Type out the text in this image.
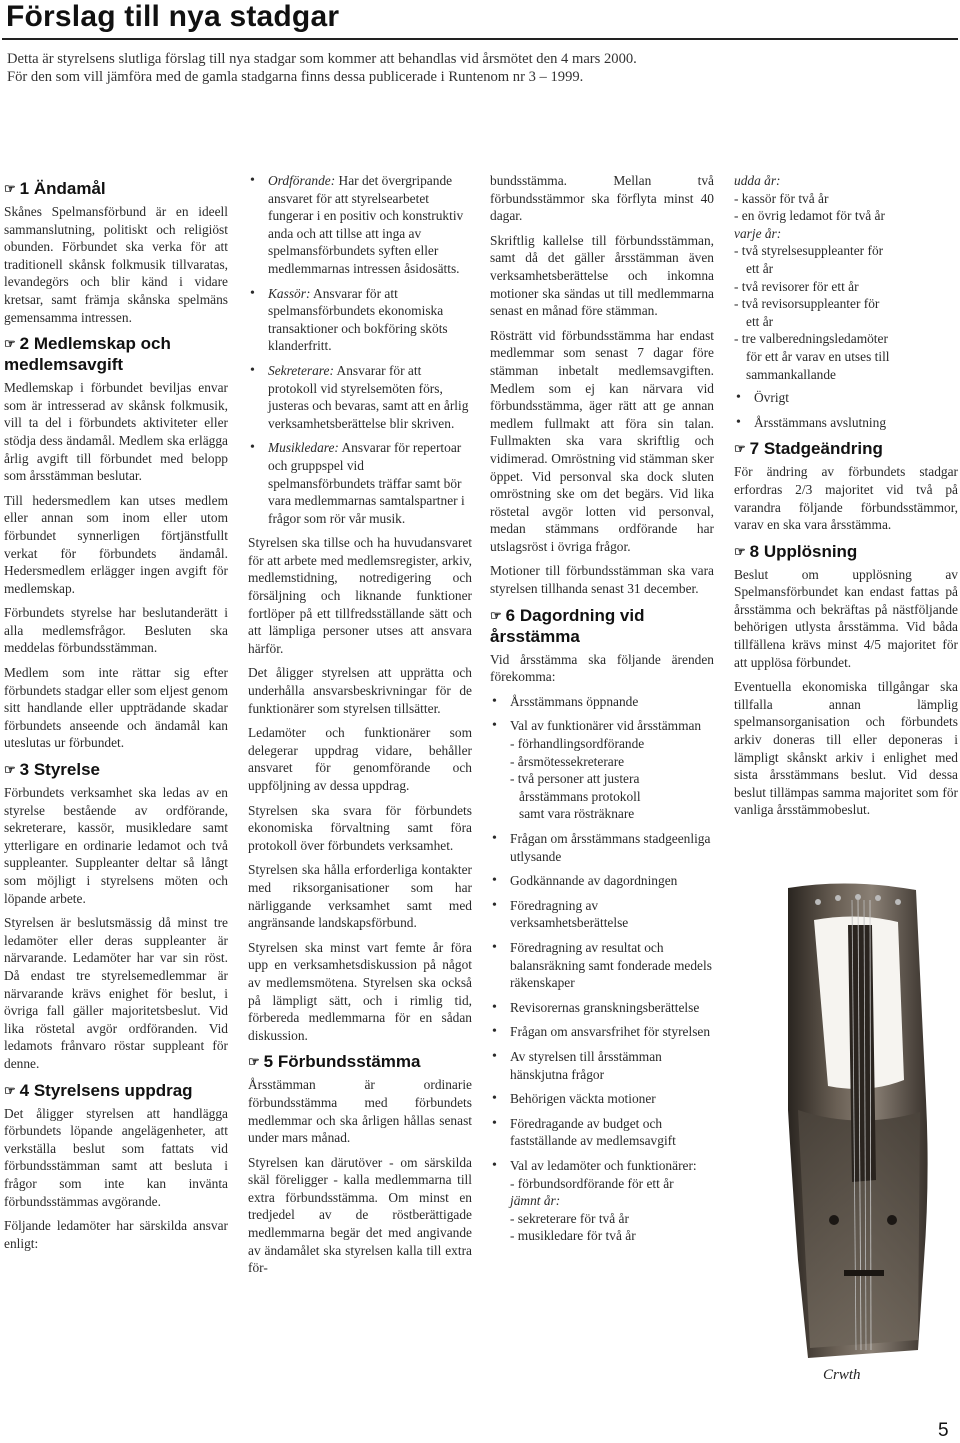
Förslag till nya stadgar
Detta är styrelsens slutliga förslag till nya stadgar som kommer att behandlas vid årsmötet den 4 mars 2000.
För den som vill jämföra med de gamla stadgarna finns dessa publicerade i Runtenom nr 3 – 1999.
☞ 1 Ändamål

Skånes Spelmansförbund är en ideell sammanslutning, politiskt och religiöst obunden. Förbundet ska verka för att traditionell skånsk folkmusik tillvaratas, levandegörs och blir känd i vidare kretsar, samt främja skånska spelmäns gemensamma intressen.

☞ 2 Medlemskap och medlemsavgift

Medlemskap i förbundet beviljas envar som är intresserad av skånsk folkmusik, vill ta del i förbundets aktiviteter eller stödja dess ändamål. Medlem ska erlägga årlig avgift till förbundet med belopp som årsstämman beslutar.

Till hedersmedlem kan utses medlem eller annan som inom eller utom förbundet synnerligen förtjänstfullt verkat för förbundets ändamål. Hedersmedlem erlägger ingen avgift för medlemskap.

Förbundets styrelse har beslutanderätt i alla medlemsfrågor. Besluten ska meddelas förbundsstämman.

Medlem som inte rättar sig efter förbundets stadgar eller som eljest genom sitt handlande eller uppträdande skadar förbundets anseende och ändamål kan uteslutas ur förbundet.

☞ 3 Styrelse

Förbundets verksamhet ska ledas av en styrelse bestående av ordförande, sekreterare, kassör, musikledare samt ytterligare en ordinarie ledamot och två suppleanter. Suppleanter deltar så långt som möjligt i styrelsens möten och löpande arbete.

Styrelsen är beslutsmässig då minst tre ledamöter eller deras suppleanter är närvarande. Ledamöter har var sin röst. Då endast tre styrelsemedlemmar är närvarande krävs enighet för beslut, i övriga fall gäller majoritetsbeslut. Vid lika röstetal avgör ordföranden. Vid ledamots frånvaro röstar suppleant för denne.

☞ 4 Styrelsens uppdrag

Det åligger styrelsen att handlägga förbundets löpande angelägenheter, att verkställa beslut som fattats vid förbundsstämman samt att besluta i frågor som inte kan invänta förbundsstämmas avgörande.

Följande ledamöter har särskilda ansvar enligt:

• Ordförande: Har det övergripande ansvaret för att styrelsearbetet fungerar i en positiv och konstruktiv anda och att tillse att inga av spelmansförbundets syften eller medlemmarnas intressen åsidosätts.
• Kassör: Ansvarar för att spelmansförbundets ekonomiska transaktioner och bokföring sköts klanderfritt.
• Sekreterare: Ansvarar för att protokoll vid styrelsemöten förs, justeras och bevaras, samt att en årlig verksamhetsberättelse blir skriven.
• Musikledare: Ansvarar för repertoar och gruppspel vid spelmansförbundets träffar samt bör vara medlemmarnas samtalspartner i frågor som rör vår musik.

Styrelsen ska tillse och ha huvudansvaret för att arbete med medlemsregister, arkiv, medlemstidning, notredigering och försäljning och liknande funktioner fortlöper på ett tillfredsställande sätt och att lämpliga personer utses att ansvara härför.

Det åligger styrelsen att upprätta och underhålla ansvarsbeskrivningar för de funktionärer som styrelsen tillsätter.

Ledamöter och funktionärer som delegerar uppdrag vidare, behåller ansvaret för genomförande och uppföljning av dessa uppdrag.

Styrelsen ska svara för förbundets ekonomiska förvaltning samt föra protokoll över förbundets verksamhet.

Styrelsen ska hålla erforderliga kontakter med riksorganisationer som har närliggande verksamhet samt med angränsande landskapsförbund.

Styrelsen ska minst vart femte år föra upp en verksamhetsdiskussion på något av medlemsmötena. Styrelsen ska också på lämpligt sätt, och i rimlig tid, förbereda medlemmarna för en sådan diskussion.

☞ 5 Förbundsstämma

Årsstämman är ordinarie förbundsstämma med förbundets medlemmar och ska årligen hållas senast under mars månad.

Styrelsen kan därutöver - om särskilda skäl föreligger - kalla medlemmarna till extra förbundsstämma. Om minst en tredjedel av de röstberättigade medlemmarna begär det med angivande av ändamålet ska styrelsen kalla till extra för-

bundsstämma. Mellan två förbundsstämmor ska förflyta minst 40 dagar.

Skriftlig kallelse till förbundsstämman, samt då det gäller årsstämman även verksamhetsberättelse och inkomna motioner ska sändas ut till medlemmarna senast en månad före stämman.

Rösträtt vid förbundsstämma har endast medlemmar som senast 7 dagar före stämman inbetalt medlemsavgiften. Medlem som ej kan närvara vid förbundsstämma, äger rätt att ge annan medlem fullmakt att föra sin talan. Fullmakten ska vara skriftlig och vidimerad. Omröstning vid stämman sker öppet. Vid personval ska dock sluten omröstning ske om det begärs. Vid lika röstetal avgör lotten vid personval, medan stämmans ordförande har utslagsröst i övriga frågor.

Motioner till förbundsstämman ska vara styrelsen tillhanda senast 31 december.

☞ 6 Dagordning vid årsstämma

Vid årsstämma ska följande ärenden förekomma:

• Årsstämmans öppnande
• Val av funktionärer vid årsstämman
- förhandlingsordförande
- årsmötessekreterare
- två personer att justera
årsstämmans protokoll
samt vara rösträknare
• Frågan om årsstämmans stadgeenliga utlysande
• Godkännande av dagordningen
• Föredragning av verksamhetsberättelse
• Föredragning av resultat och balansräkning samt fonderade medels räkenskaper
• Revisorernas granskningsberättelse
• Frågan om ansvarsfrihet för styrelsen
• Av styrelsen till årsstämman hänskjutna frågor
• Behörigen väckta motioner
• Föredragande av budget och fastställande av medlemsavgift
• Val av ledamöter och funktionärer:
- förbundsordförande för ett år
jämnt år:
- sekreterare för två år
- musikledare för två år
udda år:
- kassör för två år
- en övrig ledamot för två år
varje år:
- två styrelsesuppleanter för
ett år
- två revisorer för ett år
- två revisorsuppleanter för
ett år
- tre valberedningsledamöter
för ett år varav en utses till
sammankallande
• Övrigt
• Årsstämmans avslutning
☞ 7 Stadgeändring

För ändring av förbundets stadgar erfordras 2/3 majoritet vid två på varandra följande förbundsstämmor, varav en ska vara årsstämma.

☞ 8 Upplösning

Beslut om upplösning av Spelmansförbundet kan endast fattas på årsstämma och bekräftas på nästföljande behörigen utlysta årsstämma. Vid båda tillfällena krävs minst 4/5 majoritet för att upplösa förbundet.

Eventuella ekonomiska tillgångar ska tillfalla annan lämplig spelmansorganisation och förbundets arkiv doneras till eller deponeras i lämpligt skånskt arkiv i enlighet med sista årsstämmans beslut. Vid dessa beslut tillämpas samma majoritet som för vanliga årsstämmobeslut.

Crwth
5
